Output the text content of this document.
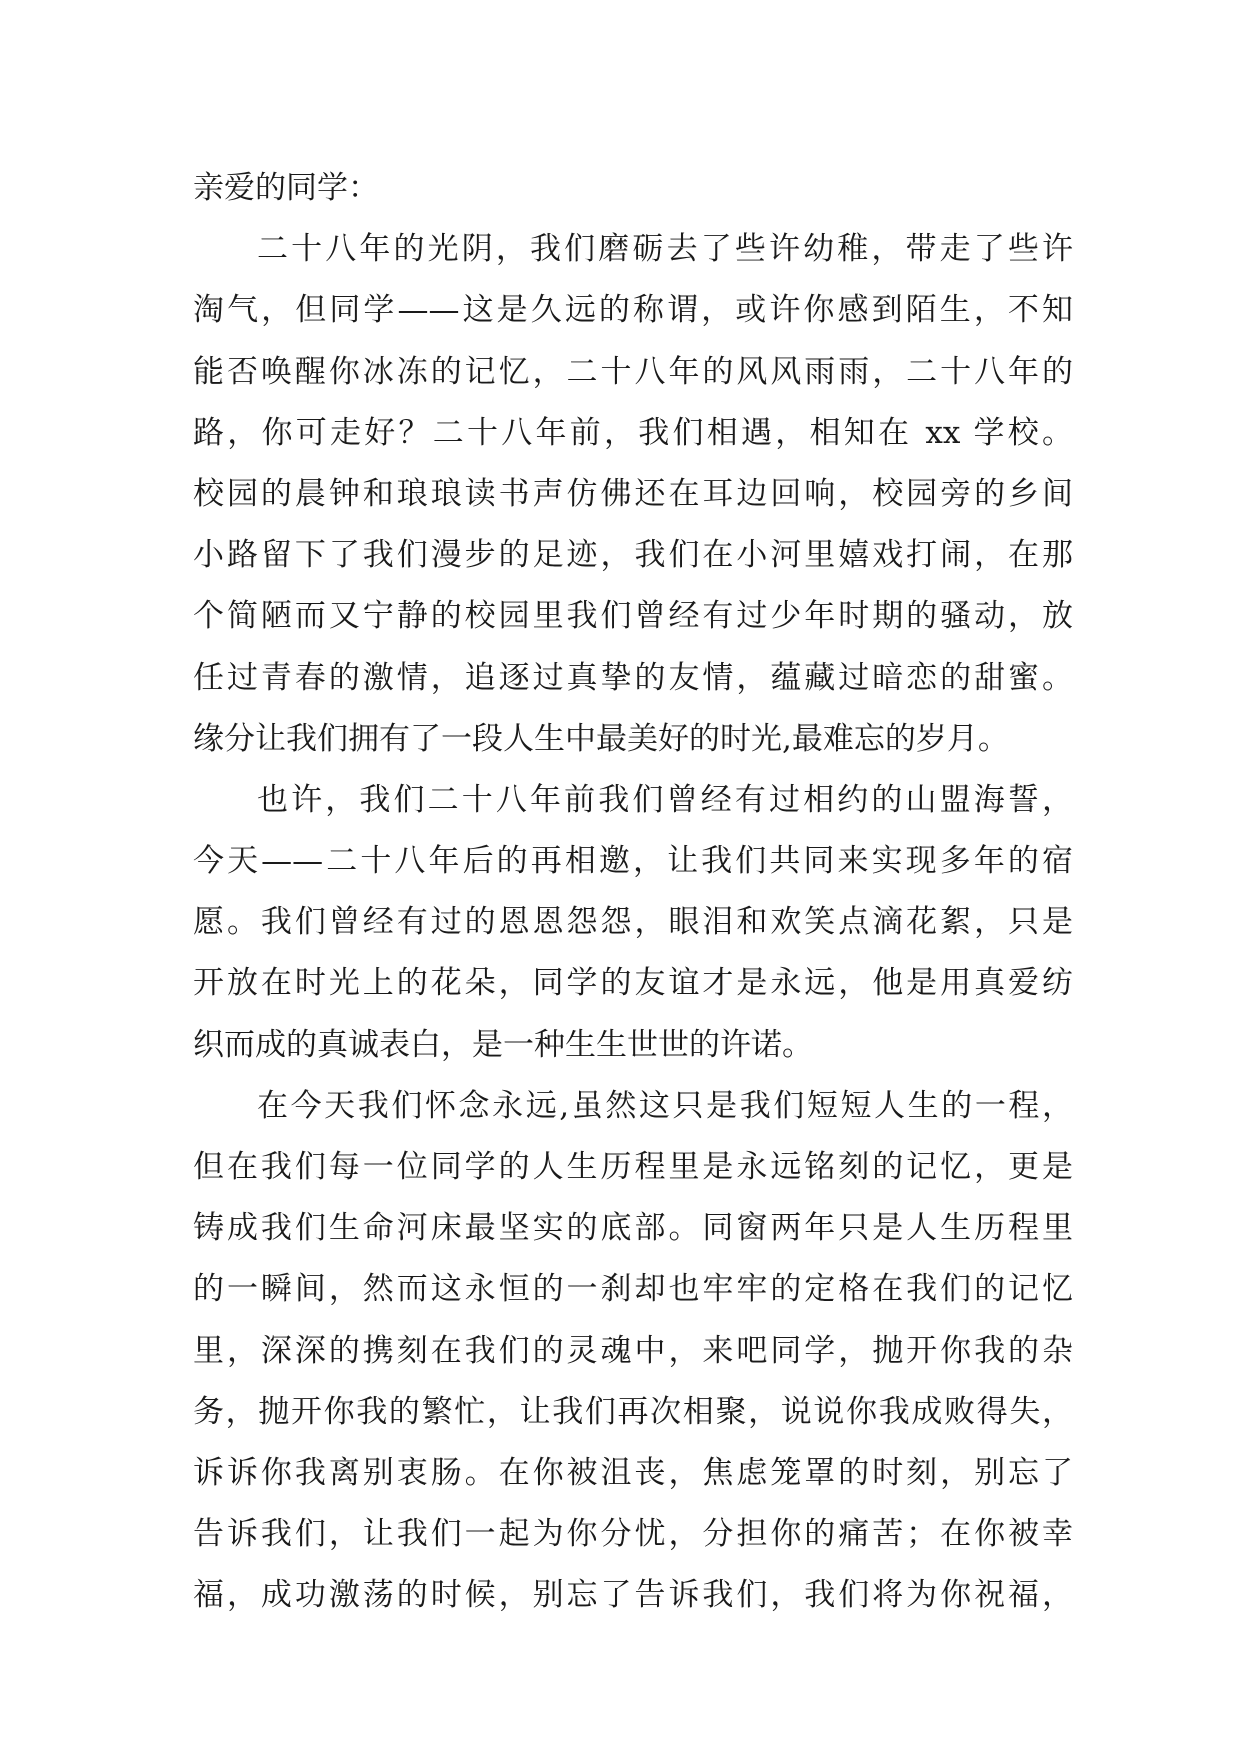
亲爱的同学：
二十八年的光阴，我们磨砺去了些许幼稚，带走了些许
淘气，但同学——这是久远的称谓，或许你感到陌生，不知
能否唤醒你冰冻的记忆，二十八年的风风雨雨，二十八年的
路，你可走好？二十八年前，我们相遇，相知在 xx 学校。
校园的晨钟和琅琅读书声仿佛还在耳边回响，校园旁的乡间
小路留下了我们漫步的足迹，我们在小河里嬉戏打闹，在那
个简陋而又宁静的校园里我们曾经有过少年时期的骚动，放
任过青春的激情，追逐过真挚的友情，蕴藏过暗恋的甜蜜。
缘分让我们拥有了一段人生中最美好的时光,最难忘的岁月。
也许，我们二十八年前我们曾经有过相约的山盟海誓，
今天——二十八年后的再相邀，让我们共同来实现多年的宿
愿。我们曾经有过的恩恩怨怨，眼泪和欢笑点滴花絮，只是
开放在时光上的花朵，同学的友谊才是永远，他是用真爱纺
织而成的真诚表白，是一种生生世世的许诺。
在今天我们怀念永远,虽然这只是我们短短人生的一程，
但在我们每一位同学的人生历程里是永远铭刻的记忆，更是
铸成我们生命河床最坚实的底部。同窗两年只是人生历程里
的一瞬间，然而这永恒的一刹却也牢牢的定格在我们的记忆
里，深深的携刻在我们的灵魂中，来吧同学，抛开你我的杂
务，抛开你我的繁忙，让我们再次相聚，说说你我成败得失，
诉诉你我离别衷肠。在你被沮丧，焦虑笼罩的时刻，别忘了
告诉我们，让我们一起为你分忧，分担你的痛苦；在你被幸
福，成功激荡的时候，别忘了告诉我们，我们将为你祝福，
